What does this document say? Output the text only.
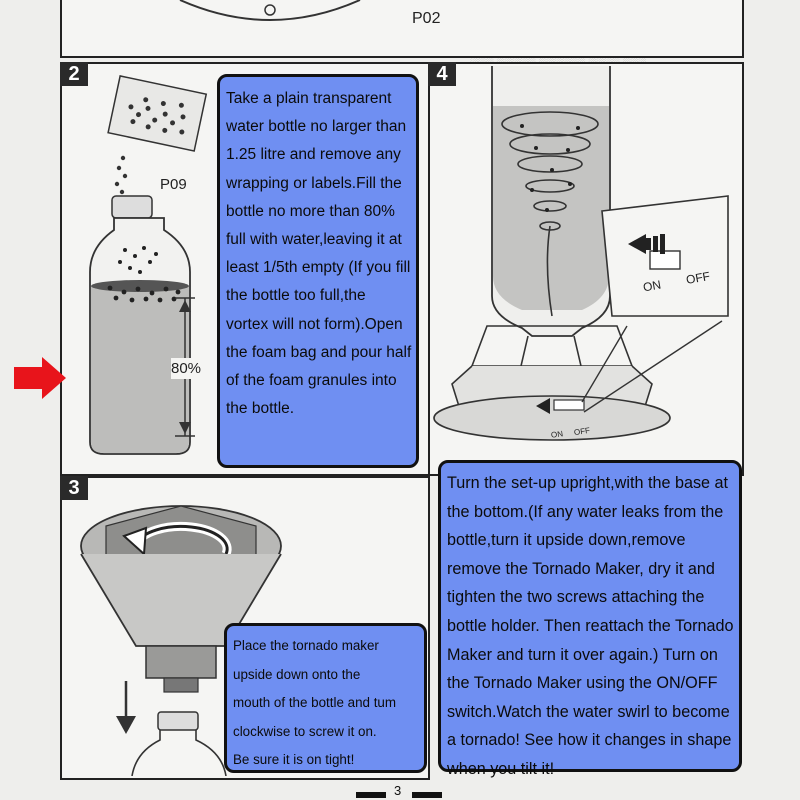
P02
2
P09
80%

Take a plain transparent water bottle no larger than 1.25 litre and remove any wrapping or labels.Fill the bottle no more than 80% full with water,leaving it at least 1/5th empty (If you fill the bottle too full,the vortex will not form).Open the foam bag and pour half of the foam granules into the bottle.

4
ON OFF
ON OFF
3

Place the tornado maker

upside down onto the

mouth of the bottle and tum

clockwise to screw it on.

Be sure it is on tight!

Turn the set-up upright,with the base at the bottom.(If any water leaks from the bottle,turn it upside down,remove remove the Tornado Maker, dry it and tighten the two screws attaching the bottle holder. Then reattach the Tornado Maker and turn it over again.) Turn on the Tornado Maker using the ON/OFF switch.Watch the water swirl to become a tornado! See how it changes in shape when you tilt it!

3
